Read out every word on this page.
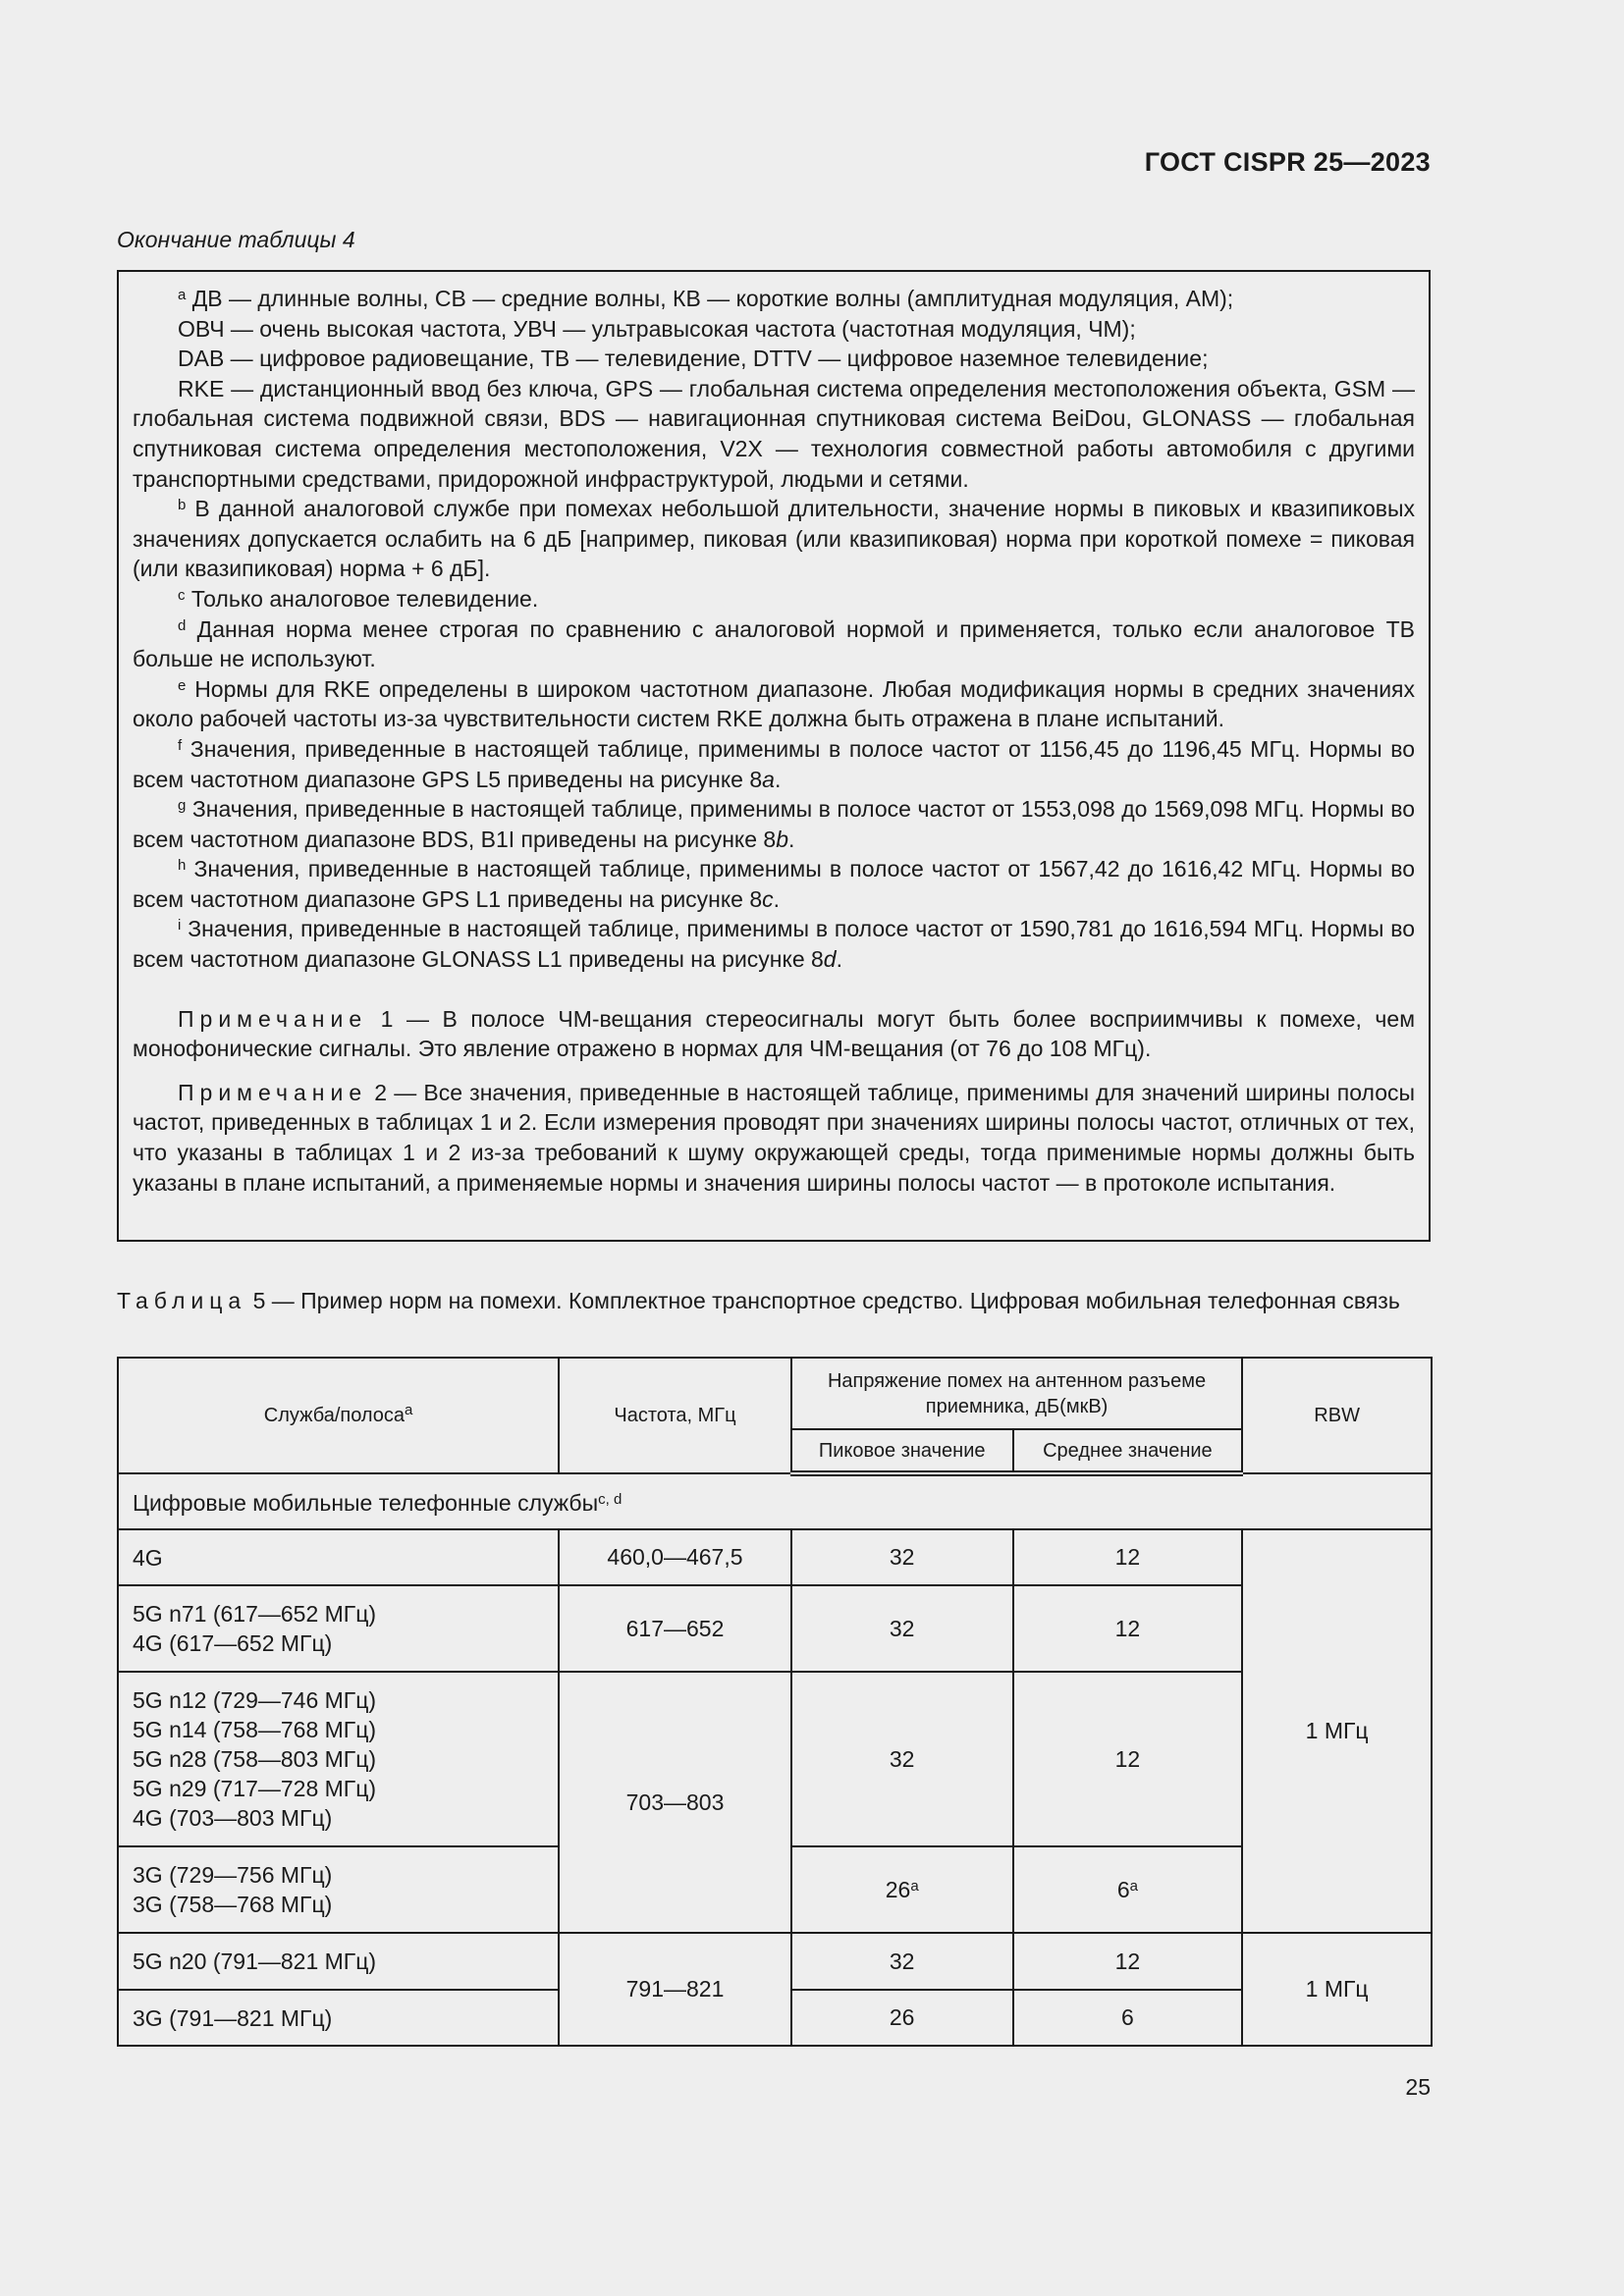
ГОСТ CISPR 25—2023
Окончание таблицы 4

$^a$ ДВ — длинные волны, СВ — средние волны, КВ — короткие волны (амплитудная модуляция, АМ);

ОВЧ — очень высокая частота, УВЧ — ультравысокая частота (частотная модуляция, ЧМ);

DAB — цифровое радиовещание, ТВ — телевидение, DTTV — цифровое наземное телевидение;

RKE — дистанционный ввод без ключа, GPS — глобальная система определения местоположения объекта, GSM — глобальная система подвижной связи, BDS — навигационная спутниковая система BeiDou, GLONASS — глобальная спутниковая система определения местоположения, V2X — технология совместной работы автомобиля с другими транспортными средствами, придорожной инфраструктурой, людьми и сетями.

$^b$ В данной аналоговой службе при помехах небольшой длительности, значение нормы в пиковых и квазипиковых значениях допускается ослабить на 6 дБ [например, пиковая (или квазипиковая) норма при короткой помехе = пиковая (или квазипиковая) норма + 6 дБ].

$^c$ Только аналоговое телевидение.

$^d$ Данная норма менее строгая по сравнению с аналоговой нормой и применяется, только если аналоговое ТВ больше не используют.

$^e$ Нормы для RKE определены в широком частотном диапазоне. Любая модификация нормы в средних значениях около рабочей частоты из-за чувствительности систем RKE должна быть отражена в плане испытаний.

$^f$ Значения, приведенные в настоящей таблице, применимы в полосе частот от 1156,45 до 1196,45 МГц. Нормы во всем частотном диапазоне GPS L5 приведены на рисунке 8a.

$^g$ Значения, приведенные в настоящей таблице, применимы в полосе частот от 1553,098 до 1569,098 МГц. Нормы во всем частотном диапазоне BDS, B1I приведены на рисунке 8b.

$^h$ Значения, приведенные в настоящей таблице, применимы в полосе частот от 1567,42 до 1616,42 МГц. Нормы во всем частотном диапазоне GPS L1 приведены на рисунке 8c.

$^i$ Значения, приведенные в настоящей таблице, применимы в полосе частот от 1590,781 до 1616,594 МГц. Нормы во всем частотном диапазоне GLONASS L1 приведены на рисунке 8d.

Примечание 1 — В полосе ЧМ-вещания стереосигналы могут быть более восприимчивы к помехе, чем монофонические сигналы. Это явление отражено в нормах для ЧМ-вещания (от 76 до 108 МГц).

Примечание 2 — Все значения, приведенные в настоящей таблице, применимы для значений ширины полосы частот, приведенных в таблицах 1 и 2. Если измерения проводят при значениях ширины полосы частот, отличных от тех, что указаны в таблицах 1 и 2 из-за требований к шуму окружающей среды, тогда применимые нормы должны быть указаны в плане испытаний, а применяемые нормы и значения ширины полосы частот — в протоколе испытания.

Таблица 5 — Пример норм на помехи. Комплектное транспортное средство. Цифровая мобильная телефонная связь
Служба/полоса$^a$	Частота, МГц	Напряжение помех на антенном разъеме приемника, дБ(мкВ)		RBW
		Пиковое значение	Среднее значение	
Цифровые мобильные телефонные службы$^{c, d}$
4G	460,0—467,5	32	12	1 МГц
5G n71 (617—652 МГц)
4G (617—652 МГц)	617—652	32	12	
5G n12 (729—746 МГц)
5G n14 (758—768 МГц)
5G n28 (758—803 МГц)
5G n29 (717—728 МГц)
4G (703—803 МГц)	703—803	32	12	
3G (729—756 МГц)
3G (758—768 МГц)		26$^a$	6$^a$
5G n20 (791—821 МГц)	791—821	32	12	1 МГц
3G (791—821 МГц)		26	6	
25
